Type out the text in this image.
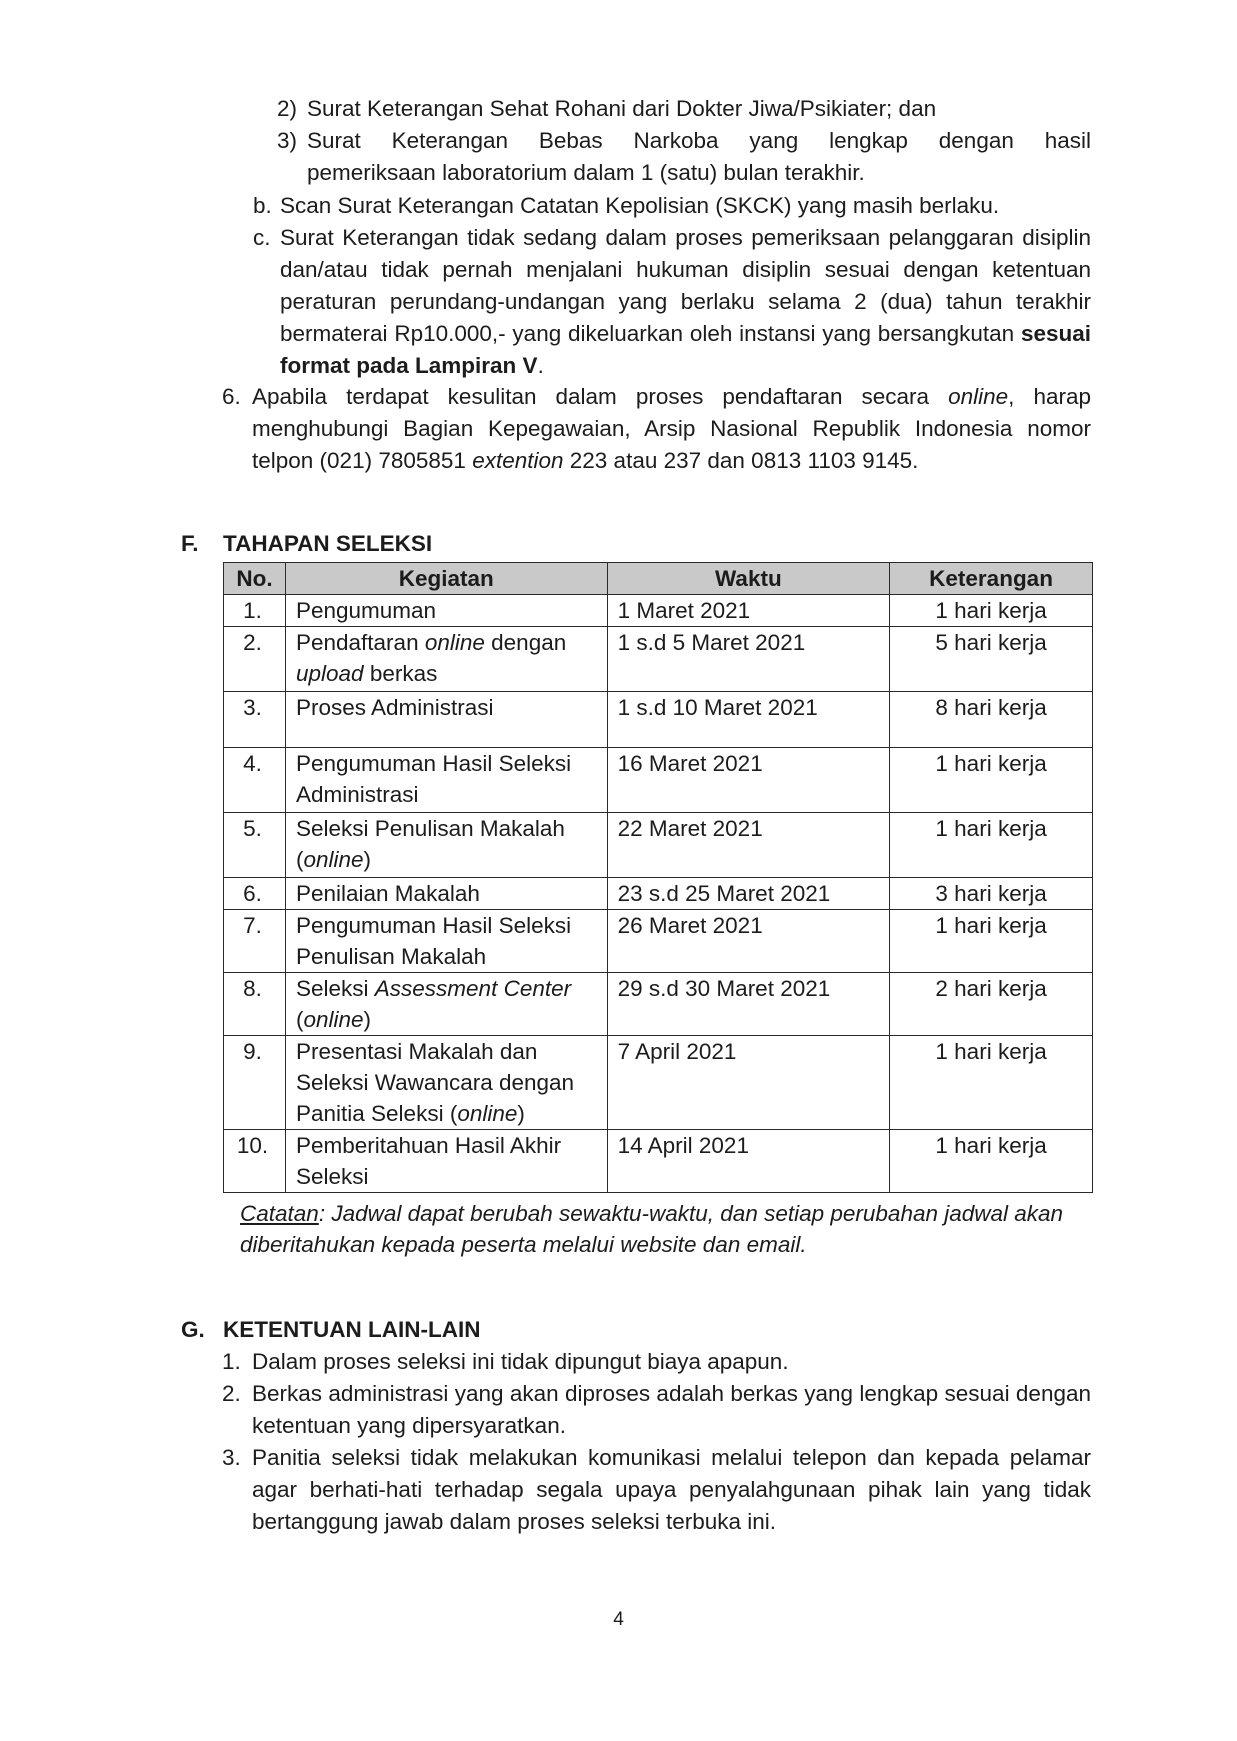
2) Surat Keterangan Sehat Rohani dari Dokter Jiwa/Psikiater; dan
3) Surat Keterangan Bebas Narkoba yang lengkap dengan hasil
pemeriksaan laboratorium dalam 1 (satu) bulan terakhir.
b. Scan Surat Keterangan Catatan Kepolisian (SKCK) yang masih berlaku.
c. Surat Keterangan tidak sedang dalam proses pemeriksaan pelanggaran disiplin dan/atau tidak pernah menjalani hukuman disiplin sesuai dengan ketentuan peraturan perundang-undangan yang berlaku selama 2 (dua) tahun terakhir bermaterai Rp10.000,- yang dikeluarkan oleh instansi yang bersangkutan sesuai format pada Lampiran V.
6. Apabila terdapat kesulitan dalam proses pendaftaran secara online, harap menghubungi Bagian Kepegawaian, Arsip Nasional Republik Indonesia nomor telpon (021) 7805851 extention 223 atau 237 dan 0813 1103 9145.
F. TAHAPAN SELEKSI
No.	Kegiatan	Waktu	Keterangan
1.	Pengumuman	1 Maret 2021	1 hari kerja
2.	Pendaftaran online dengan upload berkas	1 s.d 5 Maret 2021	5 hari kerja
3.	Proses Administrasi	1 s.d 10 Maret 2021	8 hari kerja
4.	Pengumuman Hasil Seleksi Administrasi	16 Maret 2021	1 hari kerja
5.	Seleksi Penulisan Makalah (online)	22 Maret 2021	1 hari kerja
6.	Penilaian Makalah	23 s.d 25 Maret 2021	3 hari kerja
7.	Pengumuman Hasil Seleksi Penulisan Makalah	26 Maret 2021	1 hari kerja
8.	Seleksi Assessment Center (online)	29 s.d 30 Maret 2021	2 hari kerja
9.	Presentasi Makalah dan Seleksi Wawancara dengan Panitia Seleksi (online)	7 April 2021	1 hari kerja
10.	Pemberitahuan Hasil Akhir Seleksi	14 April 2021	1 hari kerja
Catatan: Jadwal dapat berubah sewaktu-waktu, dan setiap perubahan jadwal akan diberitahukan kepada peserta melalui website dan email.
G. KETENTUAN LAIN-LAIN
1. Dalam proses seleksi ini tidak dipungut biaya apapun.
2. Berkas administrasi yang akan diproses adalah berkas yang lengkap sesuai dengan ketentuan yang dipersyaratkan.
3. Panitia seleksi tidak melakukan komunikasi melalui telepon dan kepada pelamar agar berhati-hati terhadap segala upaya penyalahgunaan pihak lain yang tidak bertanggung jawab dalam proses seleksi terbuka ini.
4
